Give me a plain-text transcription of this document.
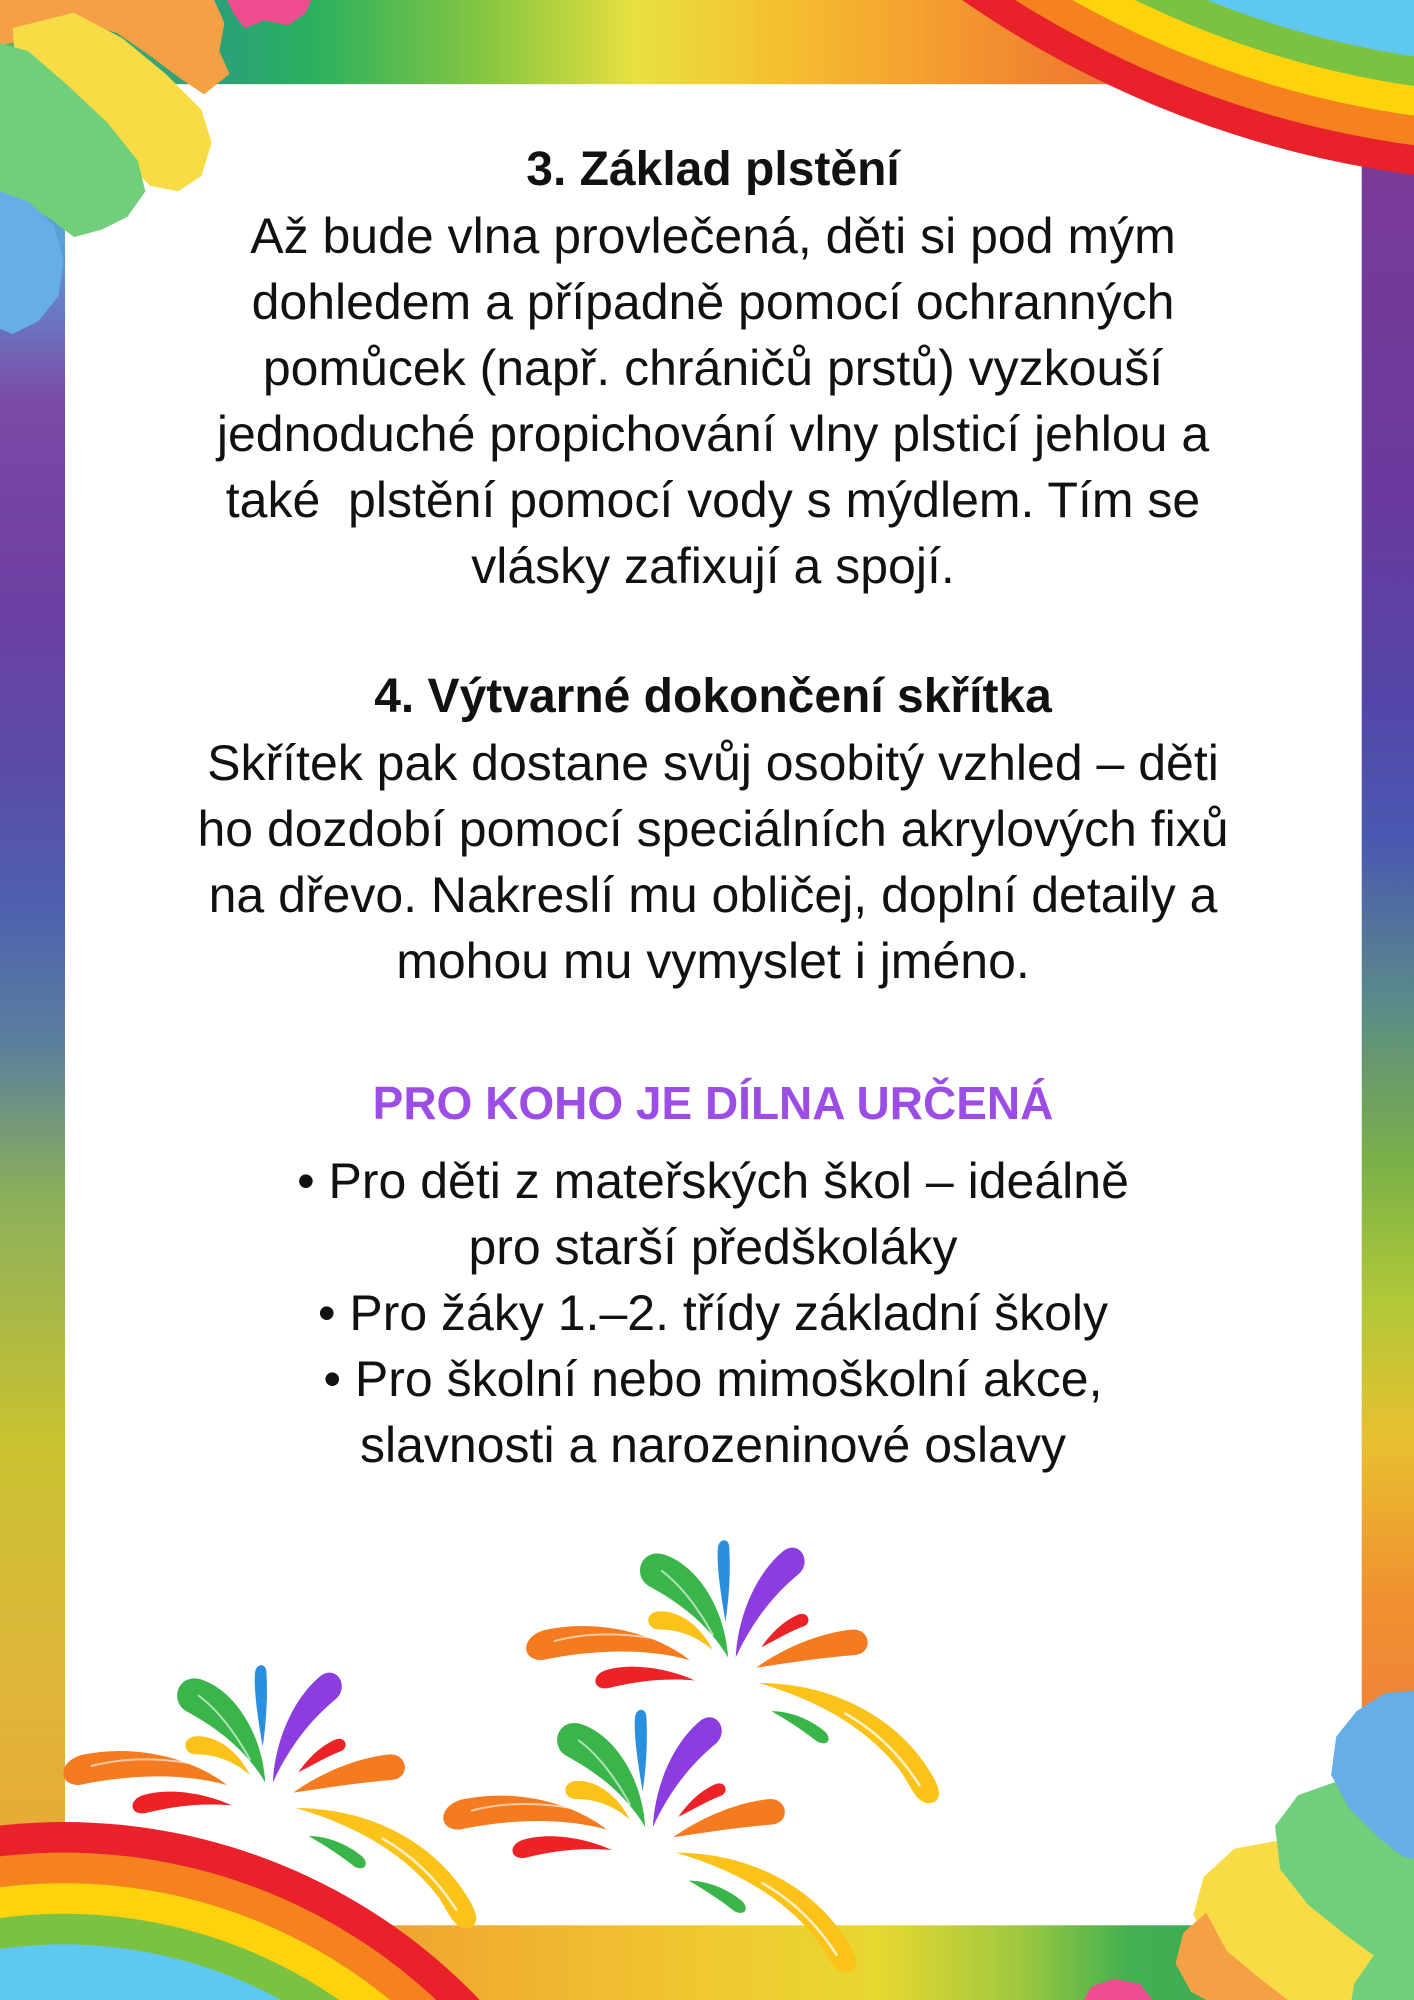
3. Základ plstění
Až bude vlna provlečená, děti si pod mým
dohledem a případně pomocí ochranných
pomůcek (např. chráničů prstů) vyzkouší
jednoduché propichování vlny plsticí jehlou a
také  plstění pomocí vody s mýdlem. Tím se
vlásky zafixují a spojí.
4. Výtvarné dokončení skřítka
Skřítek pak dostane svůj osobitý vzhled – děti
ho dozdobí pomocí speciálních akrylových fixů
na dřevo. Nakreslí mu obličej, doplní detaily a
mohou mu vymyslet i jméno.
PRO KOHO JE DÍLNA URČENÁ
• Pro děti z mateřských škol – ideálně
pro starší předškoláky
• Pro žáky 1.–2. třídy základní školy
• Pro školní nebo mimoškolní akce,
slavnosti a narozeninové oslavy
